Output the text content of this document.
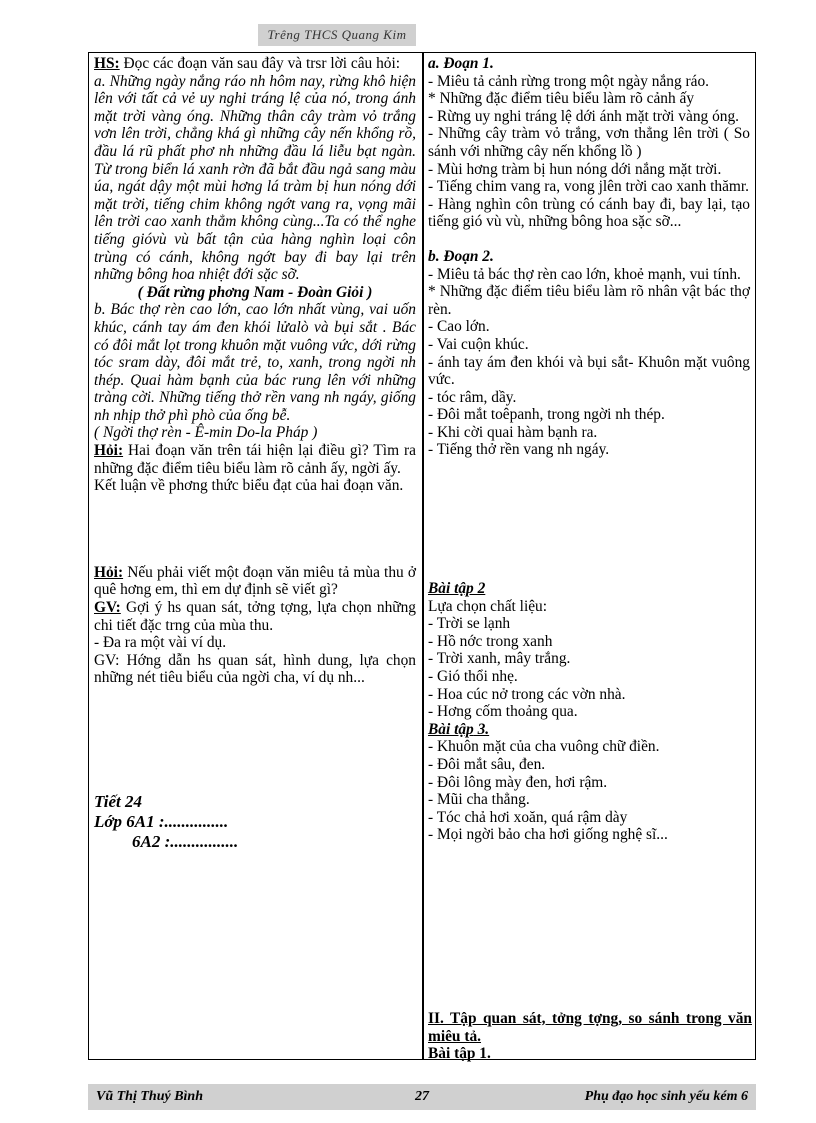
Trêng THCS Quang Kim

HS: Đọc các đoạn văn sau đây và trsr lời câu hỏi:

a. Những ngày nắng ráo nh hôm nay, rừng khô hiện lên với tất cả vẻ uy nghi tráng lệ của nó, trong ánh mặt trời vàng óng. Những thân cây tràm vỏ trắng vơn lên trời, chẳng khá gì những cây nến khổng rồ, đầu lá rũ phất phơ nh những đầu lá liễu bạt ngàn. Từ trong biển lá xanh rờn đã bắt đầu ngả sang màu úa, ngát dậy một mùi hơng lá tràm bị hun nóng dới mặt trời, tiếng chim không ngớt vang ra, vọng mãi lên trời cao xanh thẳm không cùng...Ta có thể nghe tiếng gióvù vù bất tận của hàng nghìn loại côn trùng có cánh, không ngớt bay đi bay lại trên những bông hoa nhiệt đới sặc sỡ.

( Đất rừng phơng Nam - Đoàn Giỏi )

b. Bác thợ rèn cao lớn, cao lớn nhất vùng, vai uốn khúc, cánh tay ám đen khói lửalò và bụi sắt . Bác có đôi mắt lọt trong khuôn mặt vuông vức, dới rừng tóc sram dày, đôi mắt trẻ, to, xanh, trong ngời nh thép. Quai hàm bạnh của bác rung lên với những tràng cời. Những tiếng thở rền vang nh ngáy, giống nh nhịp thở phì phò của ống bễ.

( Ngời thợ rèn - Ê-min Do-la Pháp )

Hỏi: Hai đoạn văn trên tái hiện lại điều gì? Tìm ra những đặc điểm tiêu biểu làm rõ cảnh ấy, ngời ấy.

Kết luận về phơng thức biểu đạt của hai đoạn văn.

Hỏi: Nếu phải viết một đoạn văn miêu tả mùa thu ở quê hơng em, thì em dự định sẽ viết gì?

GV: Gợi ý hs quan sát, tởng tợng, lựa chọn những chi tiết đặc trng của mùa thu.

- Đa ra một vài ví dụ.

GV: Hớng dẫn hs quan sát, hình dung, lựa chọn những nét tiêu biểu của ngời cha, ví dụ nh...

Tiết 24

Lớp 6A1 :...............

6A2 :................

a. Đoạn 1.

- Miêu tả cảnh rừng trong một ngày nắng ráo.

* Những đặc điểm tiêu biểu làm rõ cảnh ấy

- Rừng uy nghi tráng lệ dới ánh mặt trời vàng óng.

- Những cây tràm vỏ trắng, vơn thẳng lên trời ( So sánh với những cây nến khổng lồ )

- Mùi hơng tràm bị hun nóng dới nắng mặt trời.

- Tiếng chim vang ra, vong jlên trời cao xanh thămr.

- Hàng nghìn côn trùng có cánh bay đi, bay lại, tạo tiếng gió vù vù, những bông hoa sặc sỡ...

b. Đoạn 2.

- Miêu tả bác thợ rèn cao lớn, khoẻ mạnh, vui tính.

* Những đặc điểm tiêu biểu làm rõ nhân vật bác thợ rèn.

- Cao lớn.

- Vai cuộn khúc.

- ánh tay ám đen khói và bụi sắt- Khuôn mặt vuông vức.

- tóc râm, dầy.

- Đôi mắt toêpanh, trong ngời nh thép.

- Khi cời quai hàm bạnh ra.

- Tiếng thở rền vang nh ngáy.

Bài tập 2

Lựa chọn chất liệu:

- Trời se lạnh

- Hồ nớc trong xanh

- Trời xanh, mây trắng.

- Gió thổi nhẹ.

- Hoa cúc nở trong các vờn nhà.

- Hơng cốm thoảng qua.

Bài tập 3.

- Khuôn mặt của cha vuông chữ điền.

- Đôi mắt sâu, đen.

- Đôi lông mày đen, hơi rậm.

- Mũi cha thẳng.

- Tóc chả hơi xoăn, quá rậm dày

- Mọi ngời bảo cha hơi giống nghệ sĩ...

II. Tập quan sát, tởng tợng, so sánh trong văn miêu tả.

Bài tập 1.

Vũ Thị Thuý Bình	27	Phụ đạo học sinh yếu kém 6
